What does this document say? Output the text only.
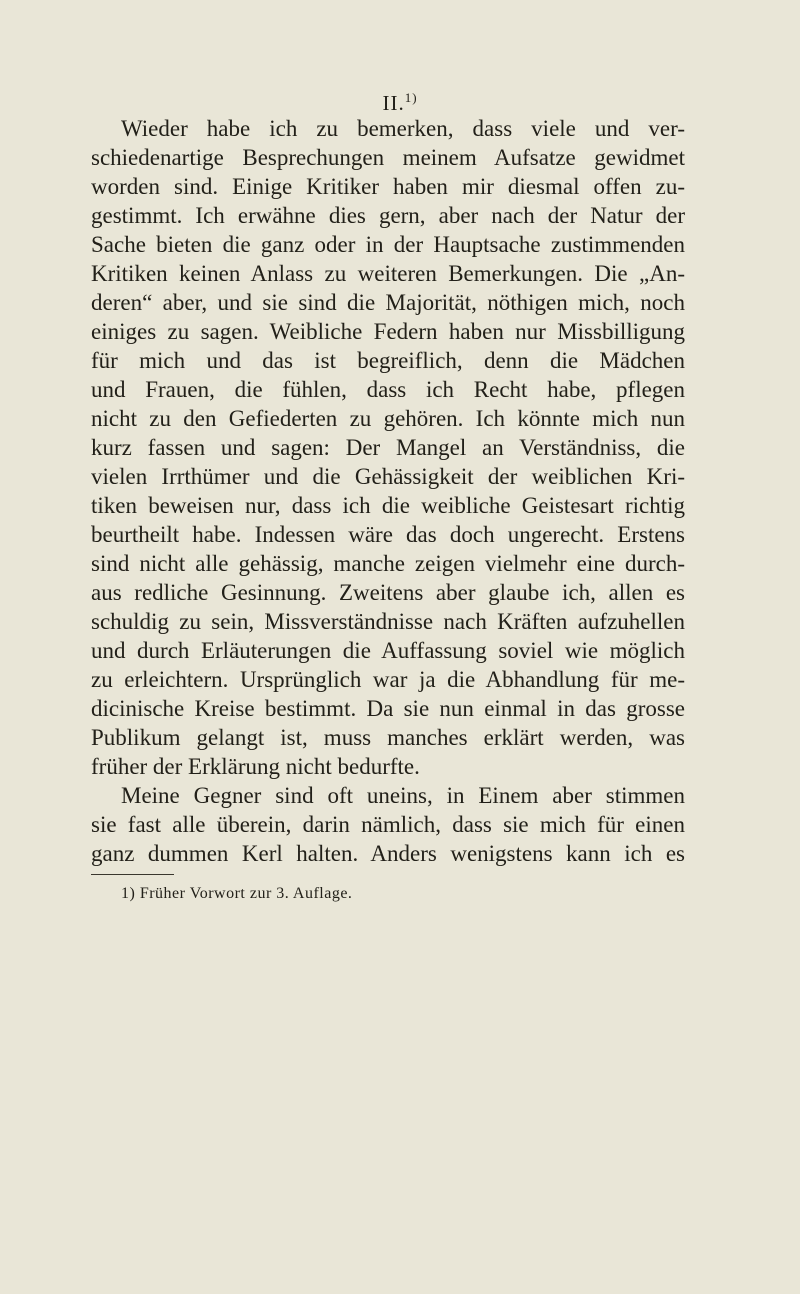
II.$^{1)}$
Wieder habe ich zu bemerken, dass viele und ver-
schiedenartige Besprechungen meinem Aufsatze gewidmet
worden sind. Einige Kritiker haben mir diesmal offen zu-
gestimmt. Ich erwähne dies gern, aber nach der Natur der
Sache bieten die ganz oder in der Hauptsache zustimmenden
Kritiken keinen Anlass zu weiteren Bemerkungen. Die „An-
deren“ aber, und sie sind die Majorität, nöthigen mich, noch
einiges zu sagen. Weibliche Federn haben nur Missbilligung
für mich und das ist begreiflich, denn die Mädchen
und Frauen, die fühlen, dass ich Recht habe, pflegen
nicht zu den Gefiederten zu gehören. Ich könnte mich nun
kurz fassen und sagen: Der Mangel an Verständniss, die
vielen Irrthümer und die Gehässigkeit der weiblichen Kri-
tiken beweisen nur, dass ich die weibliche Geistesart richtig
beurtheilt habe. Indessen wäre das doch ungerecht. Erstens
sind nicht alle gehässig, manche zeigen vielmehr eine durch-
aus redliche Gesinnung. Zweitens aber glaube ich, allen es
schuldig zu sein, Missverständnisse nach Kräften aufzuhellen
und durch Erläuterungen die Auffassung soviel wie möglich
zu erleichtern. Ursprünglich war ja die Abhandlung für me-
dicinische Kreise bestimmt. Da sie nun einmal in das grosse
Publikum gelangt ist, muss manches erklärt werden, was
früher der Erklärung nicht bedurfte.
Meine Gegner sind oft uneins, in Einem aber stimmen
sie fast alle überein, darin nämlich, dass sie mich für einen
ganz dummen Kerl halten. Anders wenigstens kann ich es
1) Früher Vorwort zur 3. Auflage.
